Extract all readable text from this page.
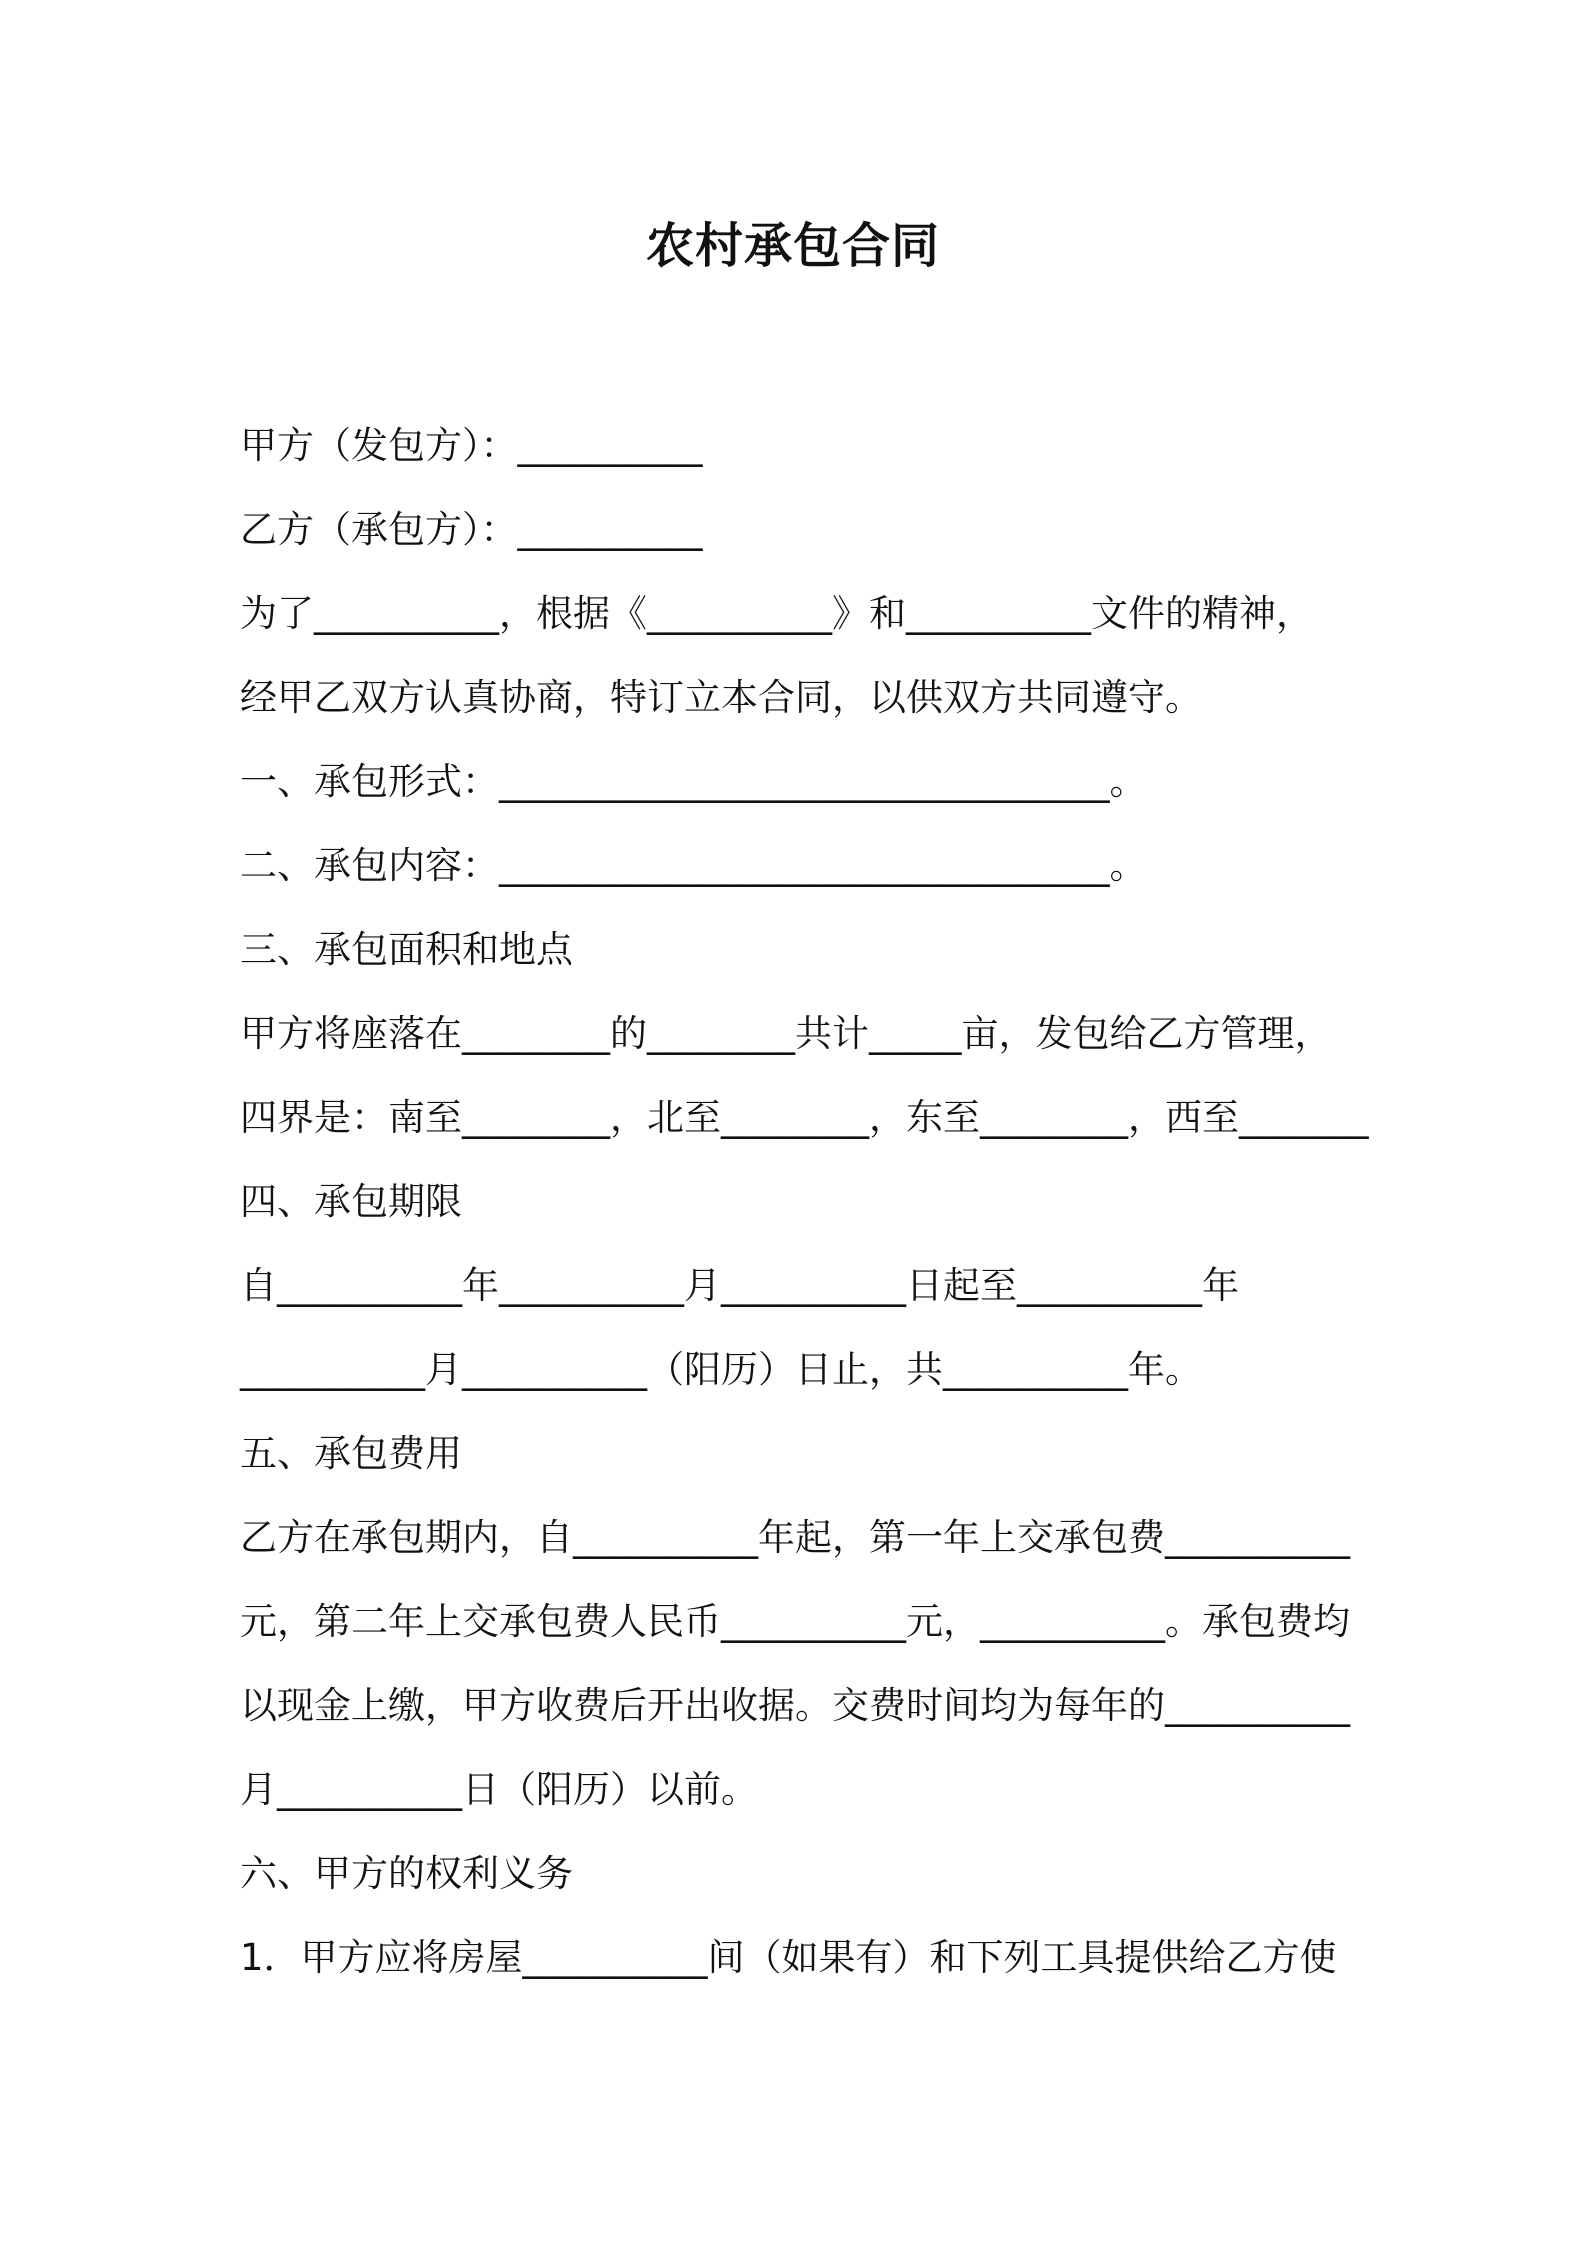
农村承包合同
甲方（发包方）：__________
乙方（承包方）：__________
为了__________，根据《__________》和__________文件的精神，
经甲乙双方认真协商，特订立本合同，以供双方共同遵守。
一、承包形式：_________________________________。
二、承包内容：_________________________________。
三、承包面积和地点
甲方将座落在________的________共计_____亩，发包给乙方管理，
四界是：南至________，北至________，东至________，西至_______
四、承包期限
自__________年__________月__________日起至__________年
__________月__________（阳历）日止，共__________年。
五、承包费用
乙方在承包期内，自__________年起，第一年上交承包费__________
元，第二年上交承包费人民币__________元，__________。承包费均
以现金上缴，甲方收费后开出收据。交费时间均为每年的__________
月__________日（阳历）以前。
六、甲方的权利义务
1．甲方应将房屋__________间（如果有）和下列工具提供给乙方使
